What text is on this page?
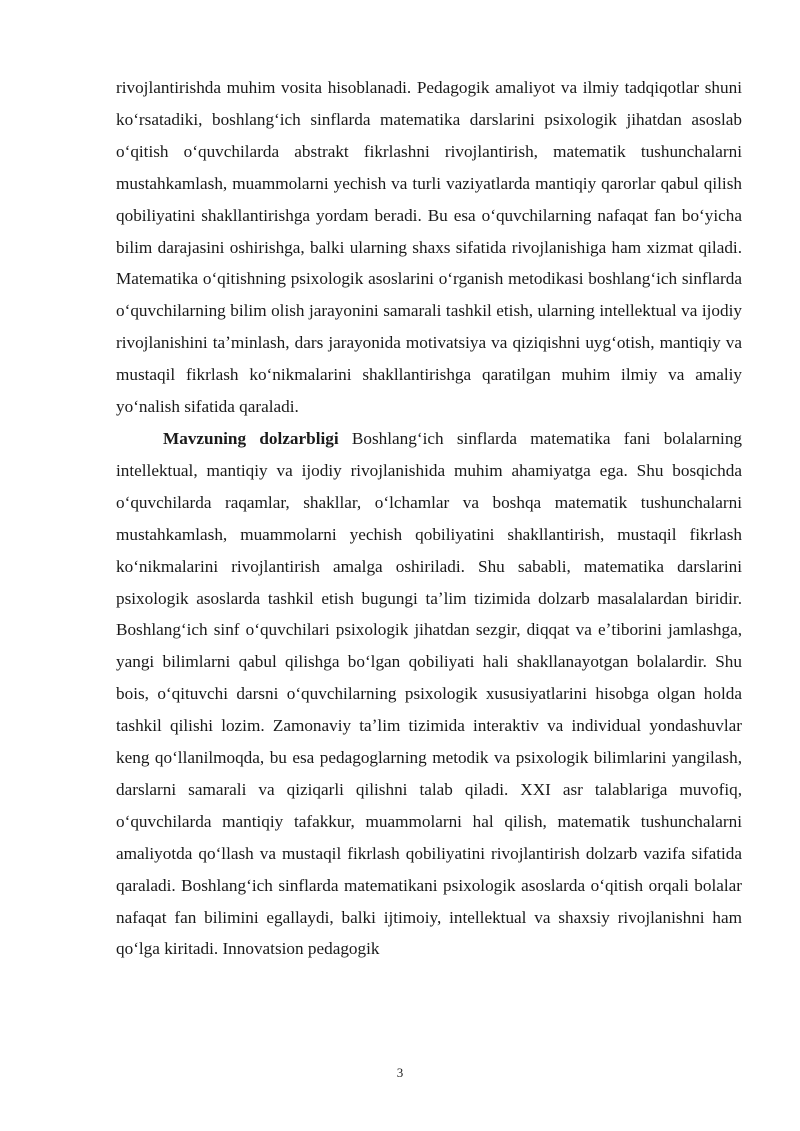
rivojlantirishda muhim vosita hisoblanadi. Pedagogik amaliyot va ilmiy tadqiqotlar shuni koʻrsatadiki, boshlangʻich sinflarda matematika darslarini psixologik jihatdan asoslab oʻqitish oʻquvchilarda abstrakt fikrlashni rivojlantirish, matematik tushunchalarni mustahkamlash, muammolarni yechish va turli vaziyatlarda mantiqiy qarorlar qabul qilish qobiliyatini shakllantirishga yordam beradi. Bu esa oʻquvchilarning nafaqat fan boʻyicha bilim darajasini oshirishga, balki ularning shaxs sifatida rivojlanishiga ham xizmat qiladi. Matematika oʻqitishning psixologik asoslarini oʻrganish metodikasi boshlangʻich sinflarda oʻquvchilarning bilim olish jarayonini samarali tashkil etish, ularning intellektual va ijodiy rivojlanishini taʼminlash, dars jarayonida motivatsiya va qiziqishni uygʻotish, mantiqiy va mustaqil fikrlash koʻnikmalarini shakllantirishga qaratilgan muhim ilmiy va amaliy yoʻnalish sifatida qaraladi.

Mavzuning dolzarbligi Boshlangʻich sinflarda matematika fani bolalarning intellektual, mantiqiy va ijodiy rivojlanishida muhim ahamiyatga ega. Shu bosqichda oʻquvchilarda raqamlar, shakllar, oʻlchamlar va boshqa matematik tushunchalarni mustahkamlash, muammolarni yechish qobiliyatini shakllantirish, mustaqil fikrlash koʻnikmalarini rivojlantirish amalga oshiriladi. Shu sababli, matematika darslarini psixologik asoslarda tashkil etish bugungi taʼlim tizimida dolzarb masalalardan biridir. Boshlangʻich sinf oʻquvchilari psixologik jihatdan sezgir, diqqat va eʼtiborini jamlashga, yangi bilimlarni qabul qilishga boʻlgan qobiliyati hali shakllanayotgan bolalardir. Shu bois, oʻqituvchi darsni oʻquvchilarning psixologik xususiyatlarini hisobga olgan holda tashkil qilishi lozim. Zamonaviy taʼlim tizimida interaktiv va individual yondashuvlar keng qoʻllanilmoqda, bu esa pedagoglarning metodik va psixologik bilimlarini yangilash, darslarni samarali va qiziqarli qilishni talab qiladi. XXI asr talablariga muvofiq, oʻquvchilarda mantiqiy tafakkur, muammolarni hal qilish, matematik tushunchalarni amaliyotda qoʻllash va mustaqil fikrlash qobiliyatini rivojlantirish dolzarb vazifa sifatida qaraladi. Boshlangʻich sinflarda matematikani psixologik asoslarda oʻqitish orqali bolalar nafaqat fan bilimini egallaydi, balki ijtimoiy, intellektual va shaxsiy rivojlanishni ham qoʻlga kiritadi. Innovatsion pedagogik

3
